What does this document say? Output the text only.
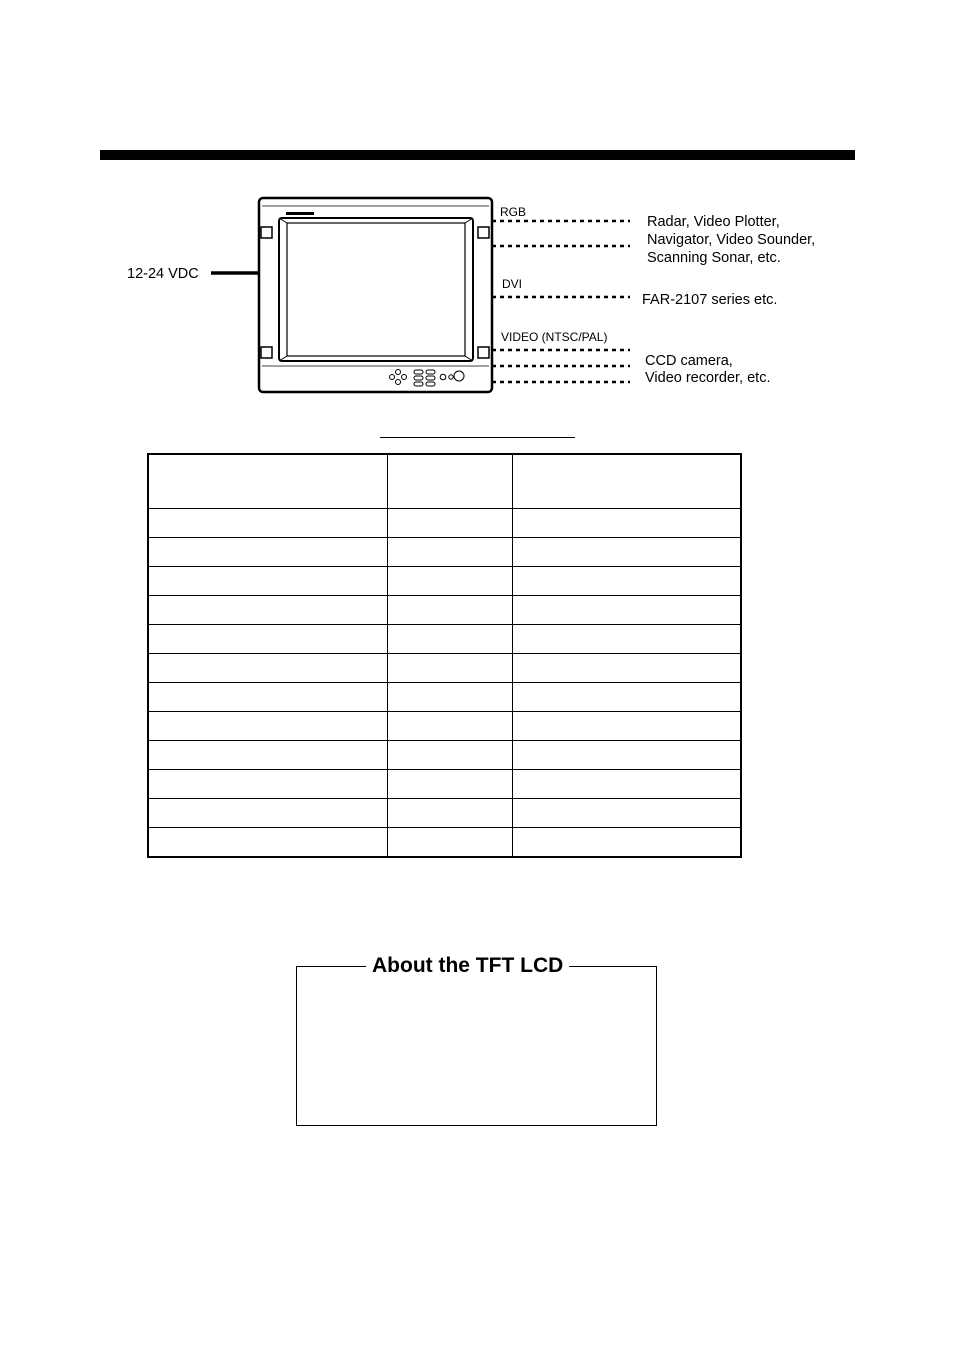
12-24 VDC
RGB
DVI
VIDEO (NTSC/PAL)
Radar, Video Plotter,
Navigator, Video Sounder,
Scanning Sonar, etc.
FAR-2107 series etc.
CCD camera,
Video recorder, etc.

About the TFT LCD
